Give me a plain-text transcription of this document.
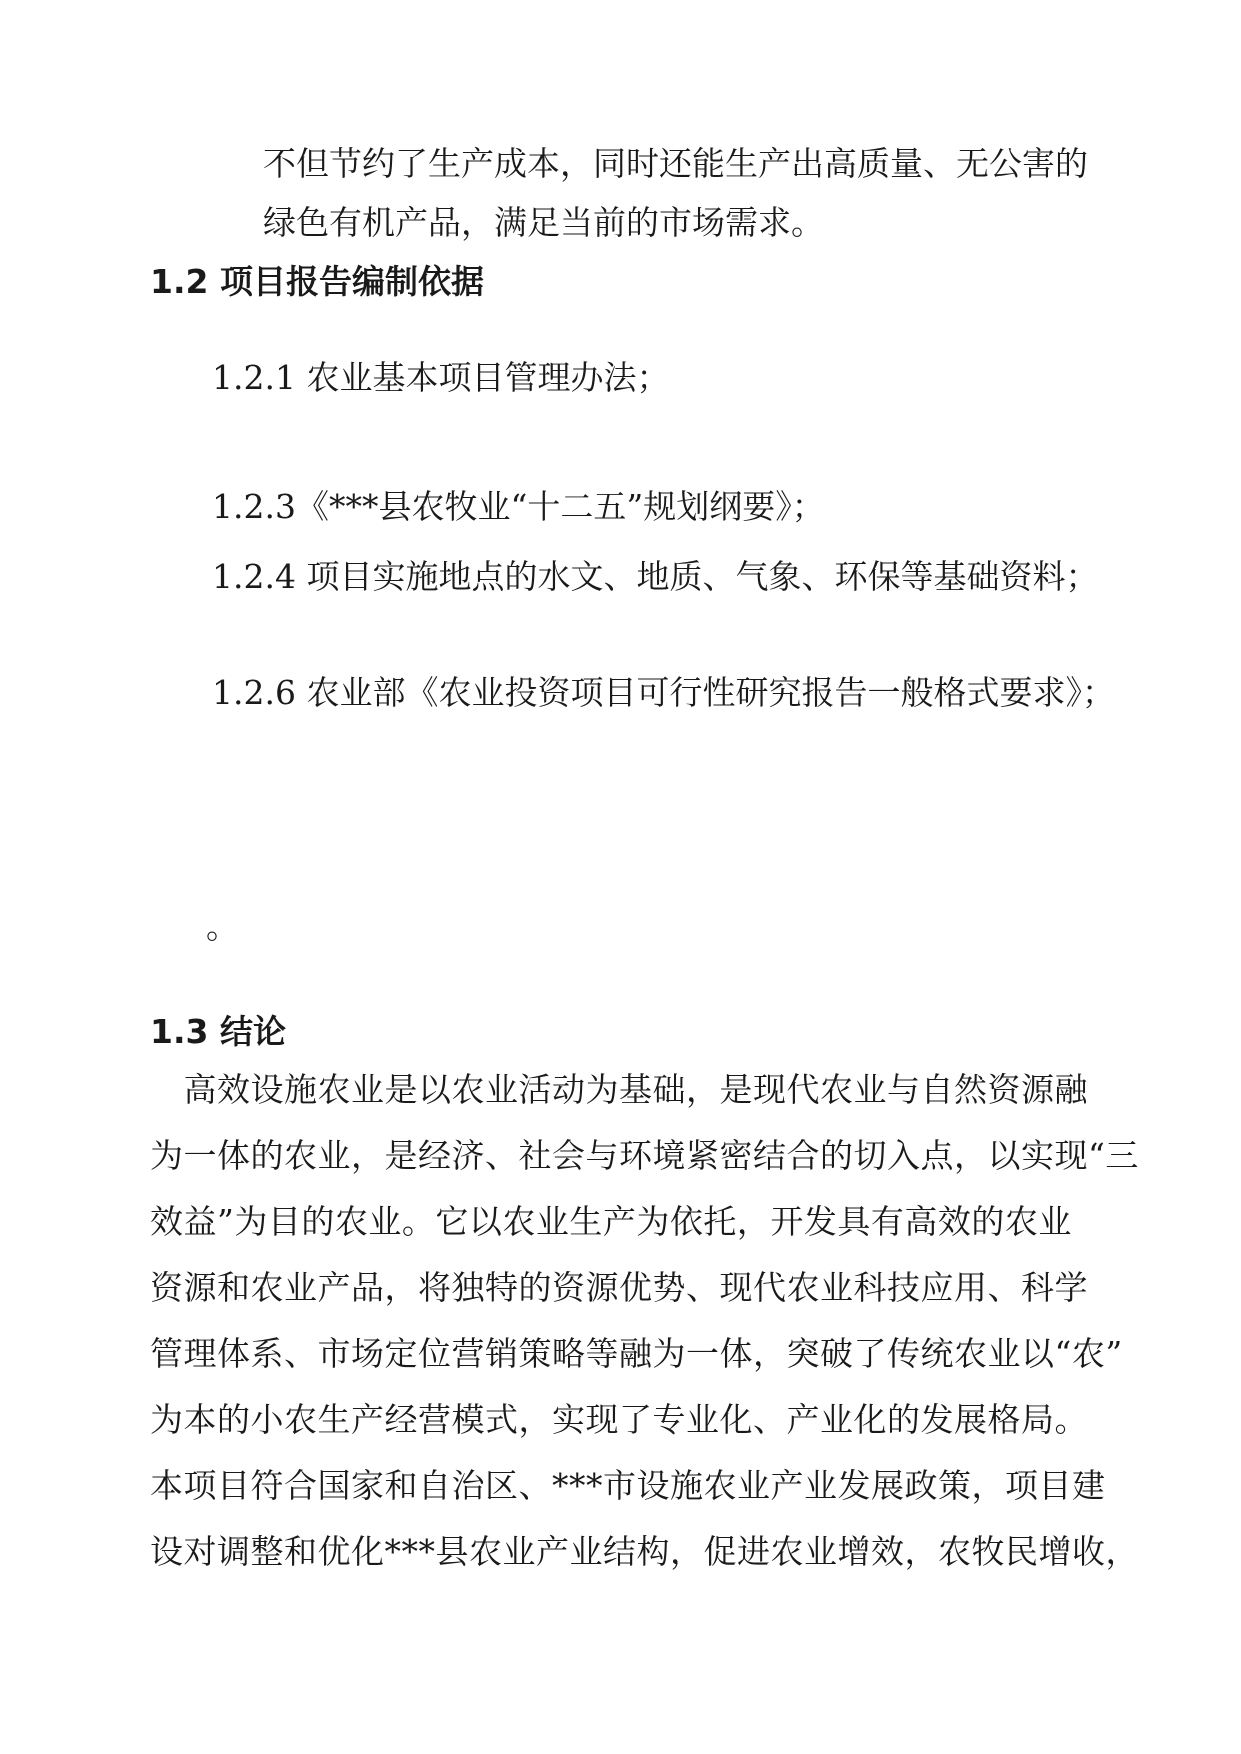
不但节约了生产成本，同时还能生产出高质量、无公害的
绿色有机产品，满足当前的市场需求。
1.2 项目报告编制依据
1.2.1 农业基本项目管理办法；
1.2.3《***县农牧业“十二五”规划纲要》；
1.2.4 项目实施地点的水文、地质、气象、环保等基础资料；
1.2.6 农业部《农业投资项目可行性研究报告一般格式要求》；
。
1.3 结论
　高效设施农业是以农业活动为基础，是现代农业与自然资源融
为一体的农业，是经济、社会与环境紧密结合的切入点，以实现“三
效益”为目的农业。它以农业生产为依托，开发具有高效的农业
资源和农业产品，将独特的资源优势、现代农业科技应用、科学
管理体系、市场定位营销策略等融为一体，突破了传统农业以“农”
为本的小农生产经营模式，实现了专业化、产业化的发展格局。
本项目符合国家和自治区、***市设施农业产业发展政策，项目建
设对调整和优化***县农业产业结构，促进农业增效，农牧民增收，
